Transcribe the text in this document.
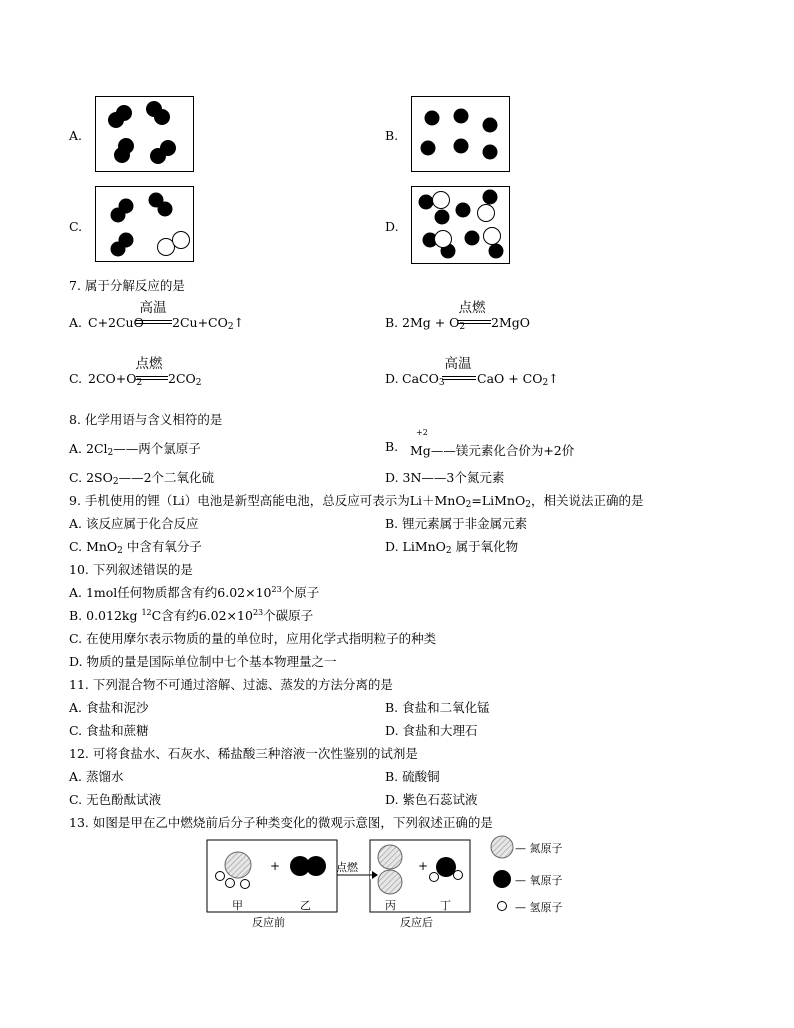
A.	B.
C.	D.
7. 属于分解反应的是
A. C+2CuO
高温
$2Cu+CO_2↑$	B. $2Mg + O_2$
点燃
2MgO
C. $2CO+O_2$
点燃
$2CO_2$	D. CaCO$_3$
高温
CaO + $CO_2↑$
8. 化学用语与含义相符的是
A. $2Cl_2——$两个氯原子	B.
+2
Mg——镁元素化合价为+2价
C. $2SO_2——2$个二氧化硫	D. 3N——3个氮元素
9. 手机使用的锂（Li）电池是新型高能电池，总反应可表示为Li＋MnO$_2$=LiMnO$_2$，相关说法正确的是
A. 该反应属于化合反应	B. 锂元素属于非金属元素
C. MnO$_2$ 中含有氧分子	D. LiMnO$_2$ 属于氧化物
10. 下列叙述错误的是
A. 1mol任何物质都含有约$6.02\times 10^{23}$个原子
B. 0.012kg $^{12}$C含有约$6.02\times 10^{23}$个碳原子
C. 在使用摩尔表示物质的量的单位时，应用化学式指明粒子的种类
D. 物质的量是国际单位制中七个基本物理量之一
11. 下列混合物不可通过溶解、过滤、蒸发的方法分离的是
A. 食盐和泥沙	B. 食盐和二氧化锰
C. 食盐和蔗糖	D. 食盐和大理石
12. 可将食盐水、石灰水、稀盐酸三种溶液一次性鉴别的试剂是
A. 蒸馏水	B. 硫酸铜
C. 无色酚酞试液	D. 紫色石蕊试液
13. 如图是甲在乙中燃烧前后分子种类变化的微观示意图，下列叙述正确的是
+	+
点燃
甲	乙	丙	丁
反应前	反应后
— 氮原子
— 氧原子
— 氢原子
